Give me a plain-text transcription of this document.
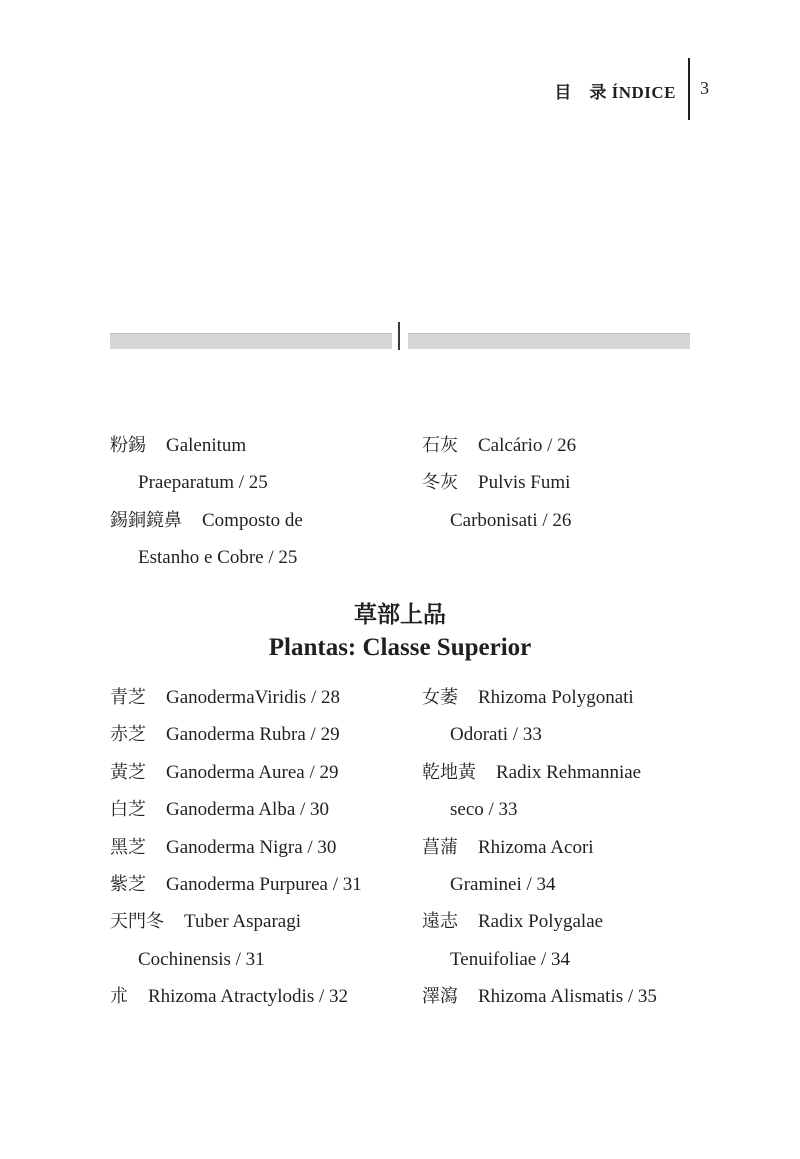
目　录 ÍNDICE 3
粉錫 Galenitum
Praeparatum / 25
錫銅鏡鼻 Composto de
Estanho e Cobre / 25
石灰 Calcário / 26
冬灰 Pulvis Fumi
Carbonisati / 26
草部上品
Plantas: Classe Superior
青芝 GanodermaViridis / 28
赤芝 Ganoderma Rubra / 29
黃芝 Ganoderma Aurea / 29
白芝 Ganoderma Alba / 30
黑芝 Ganoderma Nigra / 30
紫芝 Ganoderma Purpurea / 31
天門冬 Tuber Asparagi
Cochinensis / 31
朮 Rhizoma Atractylodis / 32
女萎 Rhizoma Polygonati
Odorati / 33
乾地黃 Radix Rehmanniae
seco / 33
菖蒲 Rhizoma Acori
Graminei / 34
遠志 Radix Polygalae
Tenuifoliae / 34
澤瀉 Rhizoma Alismatis / 35
